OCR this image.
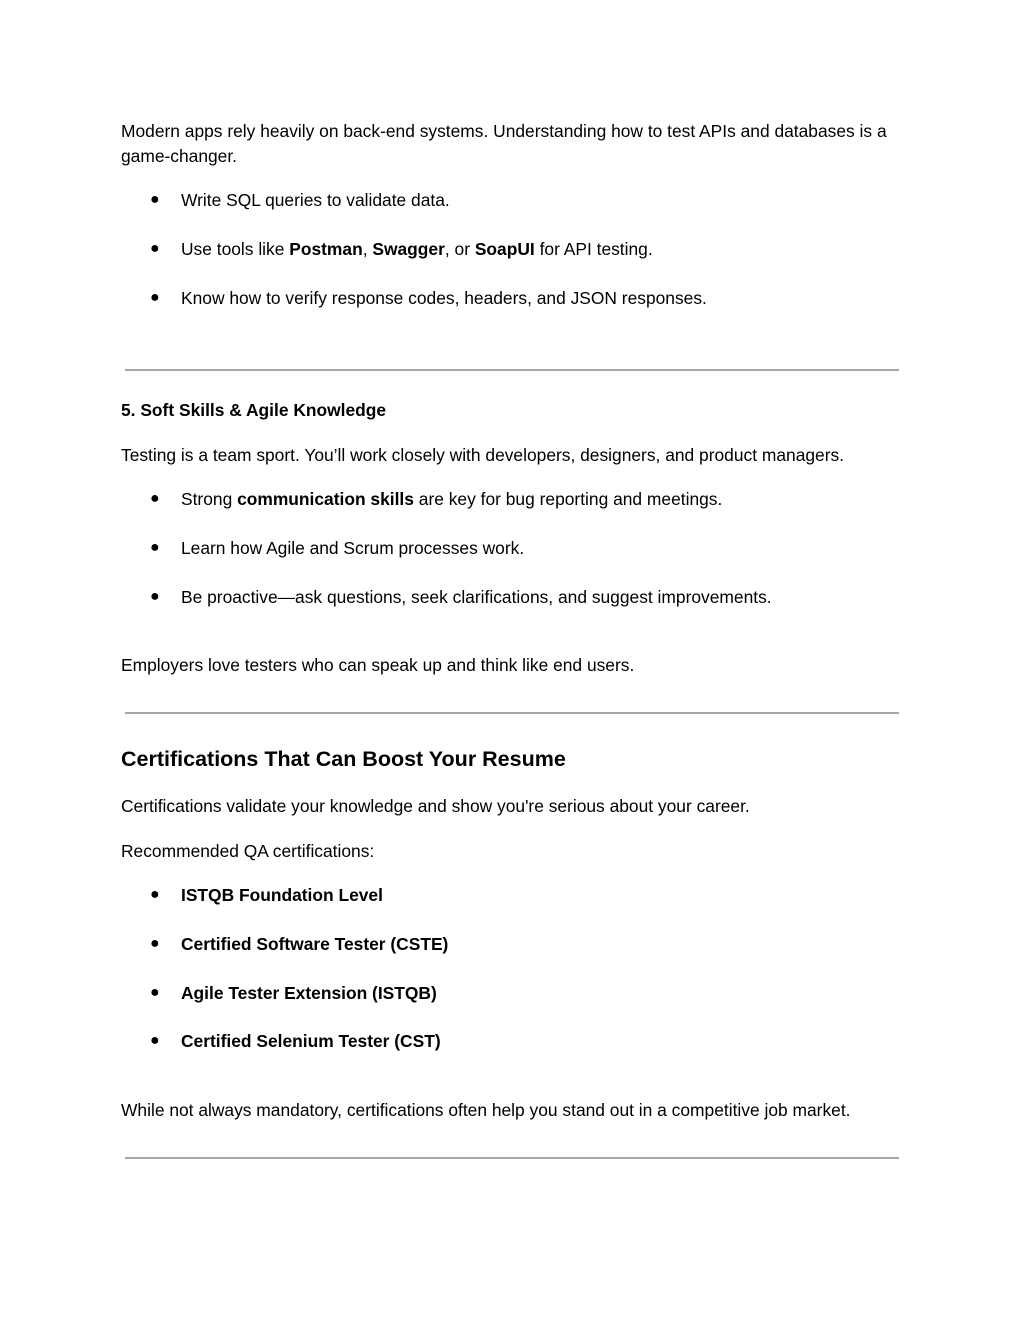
Modern apps rely heavily on back-end systems. Understanding how to test APIs and databases is a game-changer.

● Write SQL queries to validate data.
● Use tools like Postman, Swagger, or SoapUI for API testing.
● Know how to verify response codes, headers, and JSON responses.
5. Soft Skills & Agile Knowledge

Testing is a team sport. You’ll work closely with developers, designers, and product managers.

● Strong communication skills are key for bug reporting and meetings.
● Learn how Agile and Scrum processes work.
● Be proactive—ask questions, seek clarifications, and suggest improvements.

Employers love testers who can speak up and think like end users.

Certifications That Can Boost Your Resume

Certifications validate your knowledge and show you're serious about your career.

Recommended QA certifications:

● ISTQB Foundation Level
● Certified Software Tester (CSTE)
● Agile Tester Extension (ISTQB)
● Certified Selenium Tester (CST)

While not always mandatory, certifications often help you stand out in a competitive job market.
